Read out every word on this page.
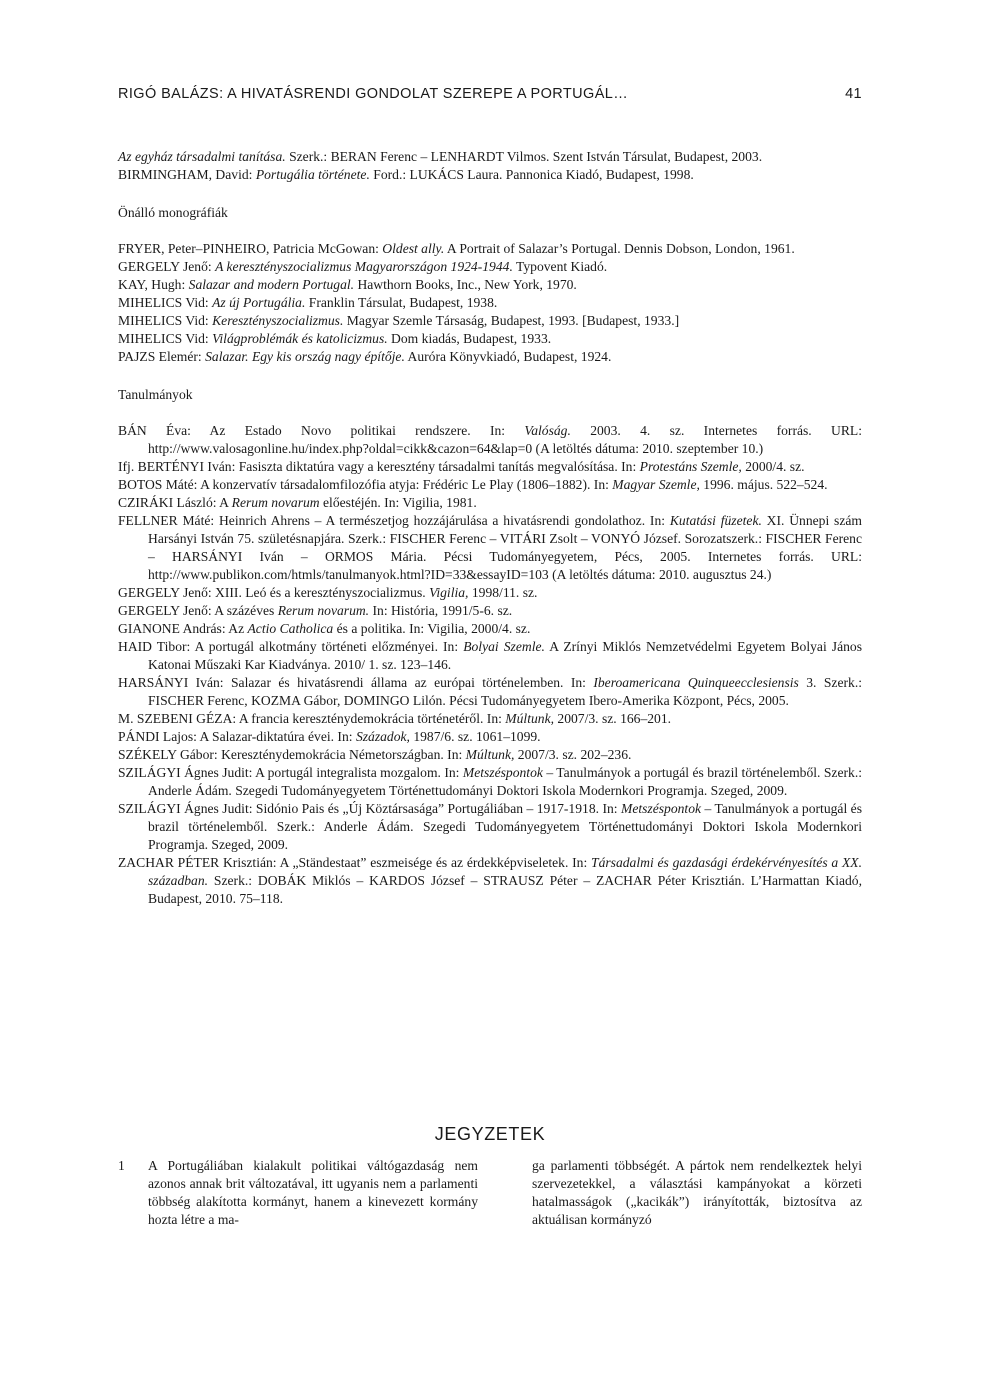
RIGÓ BALÁZS: A HIVATÁSRENDI GONDOLAT SZEREPE A PORTUGÁL…	41

Az egyház társadalmi tanítása. Szerk.: BERAN Ferenc – LENHARDT Vilmos. Szent István Társulat, Budapest, 2003.

BIRMINGHAM, David: Portugália története. Ford.: LUKÁCS Laura. Pannonica Kiadó, Budapest, 1998.

Önálló monográfiák

FRYER, Peter–PINHEIRO, Patricia McGowan: Oldest ally. A Portrait of Salazar’s Portugal. Dennis Dobson, London, 1961.

GERGELY Jenő: A keresztényszocializmus Magyarországon 1924-1944. Typovent Kiadó.

KAY, Hugh: Salazar and modern Portugal. Hawthorn Books, Inc., New York, 1970.

MIHELICS Vid: Az új Portugália. Franklin Társulat, Budapest, 1938.

MIHELICS Vid: Keresztényszocializmus. Magyar Szemle Társaság, Budapest, 1993. [Budapest, 1933.]

MIHELICS Vid: Világproblémák és katolicizmus. Dom kiadás, Budapest, 1933.

PAJZS Elemér: Salazar. Egy kis ország nagy építője. Auróra Könyvkiadó, Budapest, 1924.

Tanulmányok

BÁN Éva: Az Estado Novo politikai rendszere. In: Valóság. 2003. 4. sz. Internetes forrás. URL: http://www.valosagonline.hu/index.php?oldal=cikk&cazon=64&lap=0 (A letöltés dátuma: 2010. szeptember 10.)

Ifj. BERTÉNYI Iván: Fasiszta diktatúra vagy a keresztény társadalmi tanítás megvalósítása. In: Protestáns Szemle, 2000/4. sz.

BOTOS Máté: A konzervatív társadalomfilozófia atyja: Frédéric Le Play (1806–1882). In: Magyar Szemle, 1996. május. 522–524.

CZIRÁKI László: A Rerum novarum előestéjén. In: Vigilia, 1981.

FELLNER Máté: Heinrich Ahrens – A természetjog hozzájárulása a hivatásrendi gondolathoz. In: Kutatási füzetek. XI. Ünnepi szám Harsányi István 75. születésnapjára. Szerk.: FISCHER Ferenc – VITÁRI Zsolt – VONYÓ József. Sorozatszerk.: FISCHER Ferenc – HARSÁNYI Iván – ORMOS Mária. Pécsi Tudományegyetem, Pécs, 2005. Internetes forrás. URL: http://www.publikon.com/htmls/tanulmanyok.html?ID=33&essayID=103 (A letöltés dátuma: 2010. augusztus 24.)

GERGELY Jenő: XIII. Leó és a keresztényszocializmus. Vigilia, 1998/11. sz.

GERGELY Jenő: A százéves Rerum novarum. In: História, 1991/5-6. sz.

GIANONE András: Az Actio Catholica és a politika. In: Vigilia, 2000/4. sz.

HAID Tibor: A portugál alkotmány történeti előzményei. In: Bolyai Szemle. A Zrínyi Miklós Nemzetvédelmi Egyetem Bolyai János Katonai Műszaki Kar Kiadványa. 2010/ 1. sz. 123–146.

HARSÁNYI Iván: Salazar és hivatásrendi állama az európai történelemben. In: Iberoamericana Quinqueecclesiensis 3. Szerk.: FISCHER Ferenc, KOZMA Gábor, DOMINGO Lilón. Pécsi Tudományegyetem Ibero-Amerika Központ, Pécs, 2005.

M. SZEBENI GÉZA: A francia kereszténydemokrácia történetéről. In: Múltunk, 2007/3. sz. 166–201.

PÁNDI Lajos: A Salazar-diktatúra évei. In: Századok, 1987/6. sz. 1061–1099.

SZÉKELY Gábor: Kereszténydemokrácia Németországban. In: Múltunk, 2007/3. sz. 202–236.

SZILÁGYI Ágnes Judit: A portugál integralista mozgalom. In: Metszéspontok – Tanulmányok a portugál és brazil történelemből. Szerk.: Anderle Ádám. Szegedi Tudományegyetem Történettudományi Doktori Iskola Modernkori Programja. Szeged, 2009.

SZILÁGYI Ágnes Judit: Sidónio Pais és „Új Köztársasága” Portugáliában – 1917-1918. In: Metszéspontok – Tanulmányok a portugál és brazil történelemből. Szerk.: Anderle Ádám. Szegedi Tudományegyetem Történettudományi Doktori Iskola Modernkori Programja. Szeged, 2009.

ZACHAR PÉTER Krisztián: A „Ständestaat” eszmeisége és az érdekképviseletek. In: Társadalmi és gazdasági érdekérvényesítés a XX. században. Szerk.: DOBÁK Miklós – KARDOS József – STRAUSZ Péter – ZACHAR Péter Krisztián. L’Harmattan Kiadó, Budapest, 2010. 75–118.

JEGYZETEK
1 A Portugáliában kialakult politikai váltógazdaság nem azonos annak brit változatával, itt ugyanis nem a parlamenti többség alakította kormányt, hanem a kinevezett kormány hozta létre a ma-
ga parlamenti többségét. A pártok nem rendelkeztek helyi szervezetekkel, a választási kampányokat a körzeti hatalmasságok („kacikák”) irányították, biztosítva az aktuálisan kormányzó
